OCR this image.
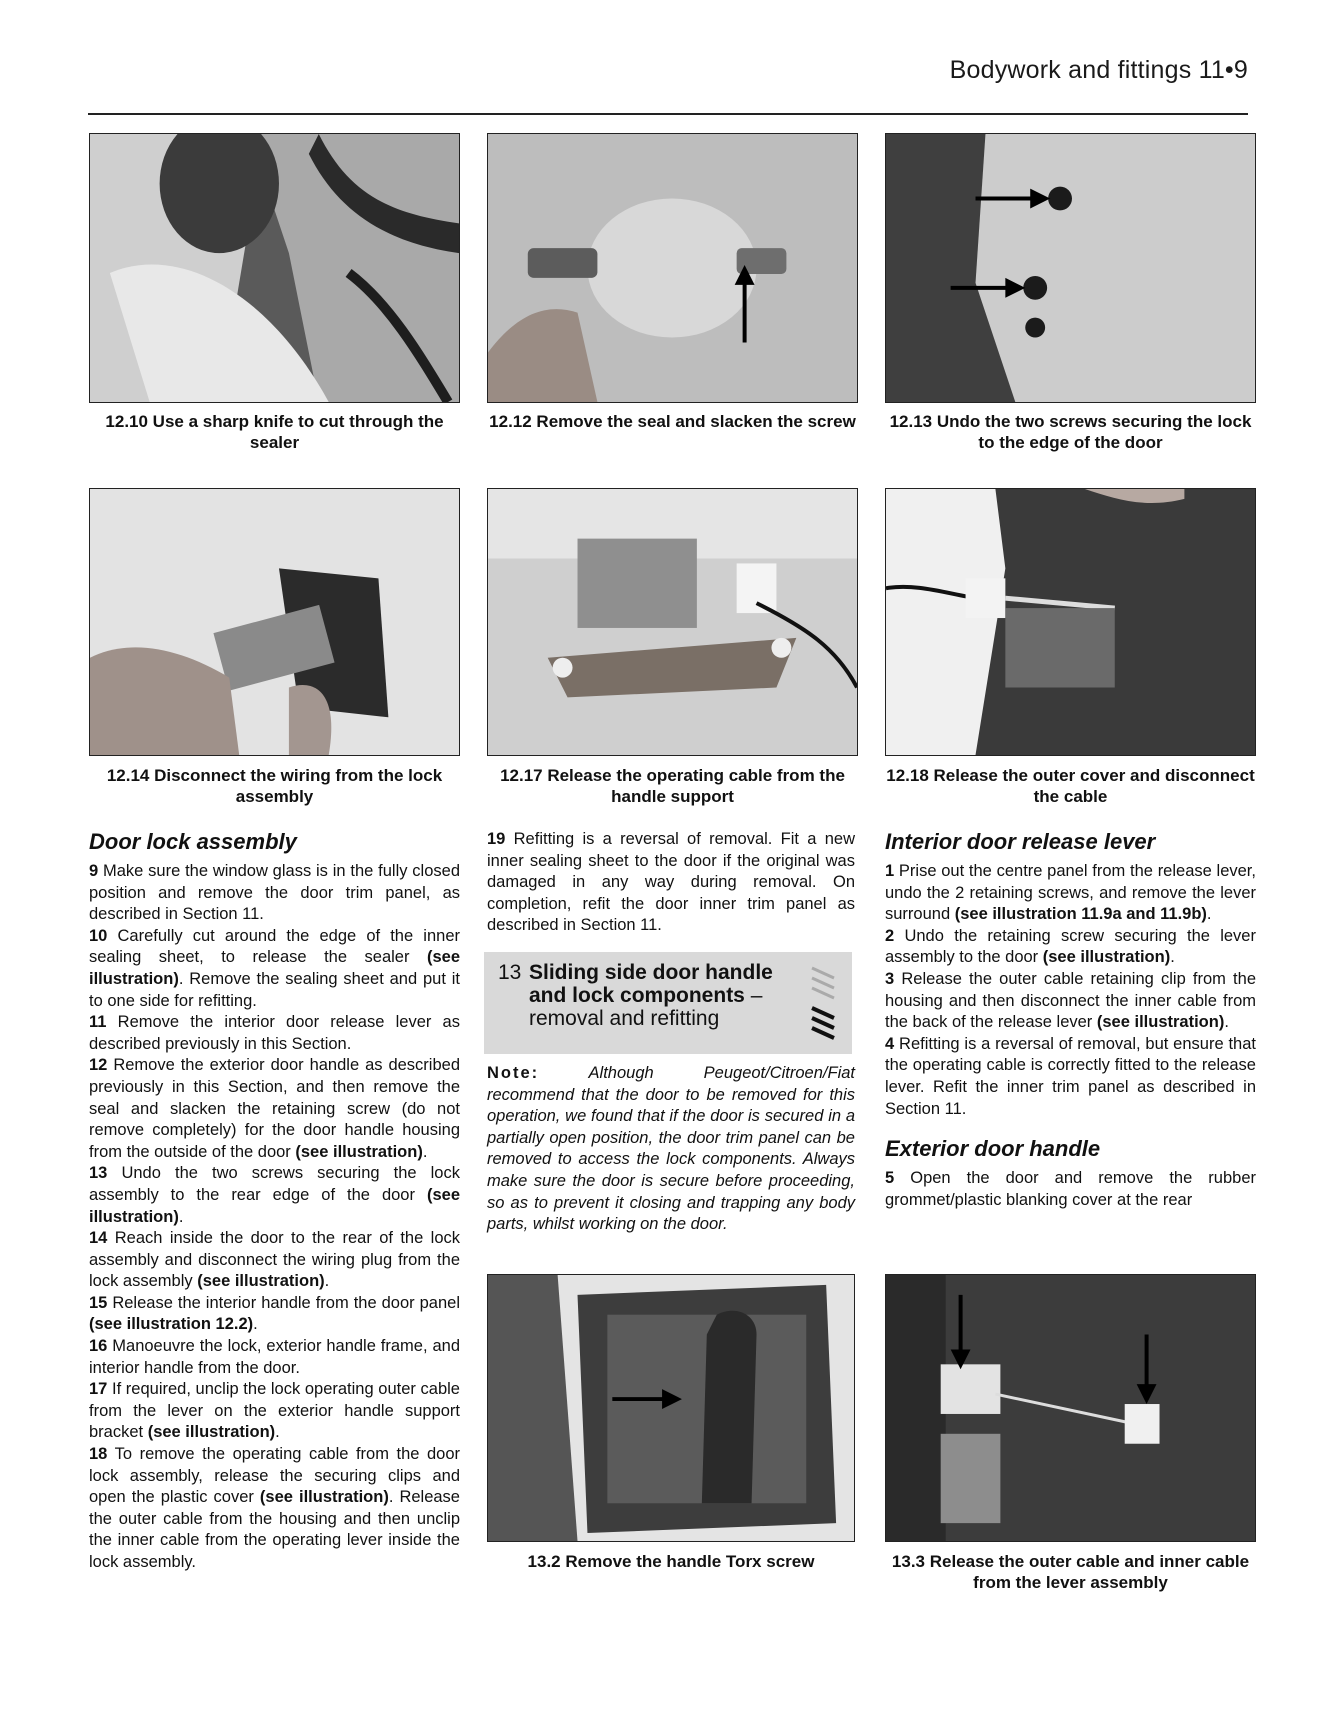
Bodywork and fittings 11•9
12.10 Use a sharp knife to cut through the sealer
12.12 Remove the seal and slacken the screw 12.13 Undo the two screws securing the lock to the edge of the door
12.14 Disconnect the wiring from the lock assembly
12.17 Release the operating cable from the handle support
12.18 Release the outer cover and disconnect the cable
Door lock assembly

9 Make sure the window glass is in the fully closed position and remove the door trim panel, as described in Section 11.

10 Carefully cut around the edge of the inner sealing sheet, to release the sealer (see illustration). Remove the sealing sheet and put it to one side for refitting.

11 Remove the interior door release lever as described previously in this Section.

12 Remove the exterior door handle as described previously in this Section, and then remove the seal and slacken the retaining screw (do not remove completely) for the door handle housing from the outside of the door (see illustration).

13 Undo the two screws securing the lock assembly to the rear edge of the door (see illustration).

14 Reach inside the door to the rear of the lock assembly and disconnect the wiring plug from the lock assembly (see illustration).

15 Release the interior handle from the door panel (see illustration 12.2).

16 Manoeuvre the lock, exterior handle frame, and interior handle from the door.

17 If required, unclip the lock operating outer cable from the lever on the exterior handle support bracket (see illustration).

18 To remove the operating cable from the door lock assembly, release the securing clips and open the plastic cover (see illustration). Release the outer cable from the housing and then unclip the inner cable from the operating lever inside the lock assembly.

19 Refitting is a reversal of removal. Fit a new inner sealing sheet to the door if the original was damaged in any way during removal. On completion, refit the door inner trim panel as described in Section 11.

13 Sliding side door handle and lock components – removal and refitting

Note:	Although Peugeot/Citroen/Fiat recommend that the door to be removed for this operation, we found that if the door is secured in a partially open position, the door trim panel can be removed to access the lock components. Always make sure the door is secure before proceeding, so as to prevent it closing and trapping any body parts, whilst working on the door.

13.2 Remove the handle Torx screw	13.3 Release the outer cable and inner cable from the lever assembly
Interior door release lever

1 Prise out the centre panel from the release lever, undo the 2 retaining screws, and remove the lever surround (see illustration 11.9a and 11.9b).

2 Undo the retaining screw securing the lever assembly to the door (see illustration).

3 Release the outer cable retaining clip from the housing and then disconnect the inner cable from the back of the release lever (see illustration).

4 Refitting is a reversal of removal, but ensure that the operating cable is correctly fitted to the release lever. Refit the inner trim panel as described in Section 11.

Exterior door handle

5 Open the door and remove the rubber grommet/plastic blanking cover at the rear
